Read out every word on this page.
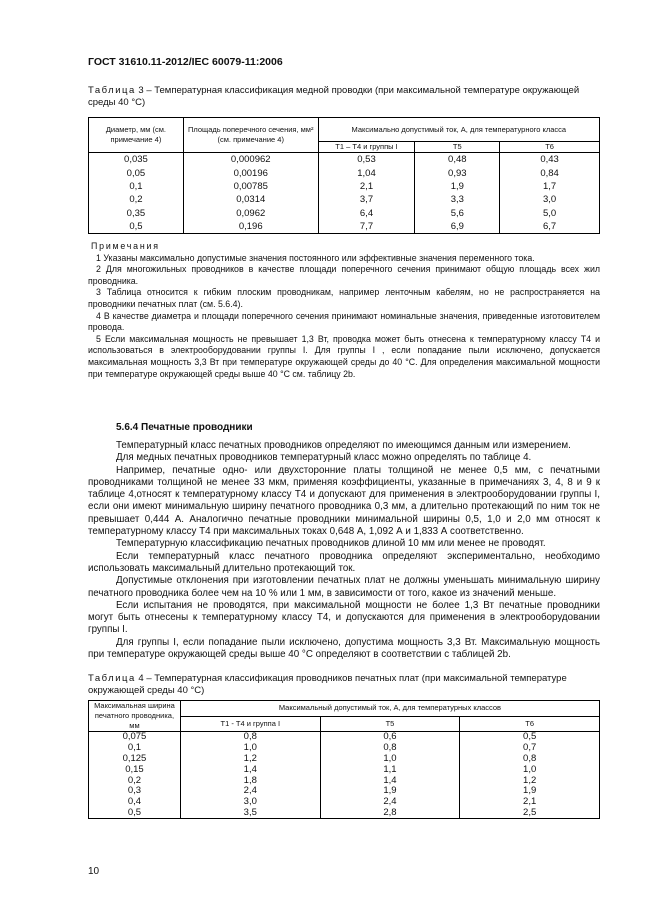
ГОСТ 31610.11-2012/IEC 60079-11:2006
Таблица 3 – Температурная классификация медной проводки (при максимальной температуре окружающей среды 40 °С)
Диаметр, мм (см. примечание 4)	Площадь поперечного сечения, мм² (см. примечание 4)	Максимально допустимый ток, А, для температурного класса		
		Т1 – Т4 и группы I	Т5	Т6
0,035	0,000962	0,53	0,48	0,43
0,05	0,00196	1,04	0,93	0,84
0,1	0,00785	2,1	1,9	1,7
0,2	0,0314	3,7	3,3	3,0
0,35	0,0962	6,4	5,6	5,0
0,5	0,196	7,7	6,9	6,7

Примечания

1 Указаны максимально допустимые значения постоянного или эффективные значения переменного тока.

2 Для многожильных проводников в качестве площади поперечного сечения принимают общую площадь всех жил проводника.

3 Таблица относится к гибким плоским проводникам, например ленточным кабелям, но не распространяется на проводники печатных плат (см. 5.6.4).

4 В качестве диаметра и площади поперечного сечения принимают номинальные значения, приведенные изготовителем провода.

5 Если максимальная мощность не превышает 1,3 Вт, проводка может быть отнесена к температурному классу Т4 и использоваться в электрооборудовании группы I. Для группы I , если попадание пыли исключено, допускается максимальная мощность 3,3 Вт при температуре окружающей среды до 40 °С. Для определения максимальной мощности при температуре окружающей среды выше 40 °С см. таблицу 2b.

5.6.4 Печатные проводники

Температурный класс печатных проводников определяют по имеющимся данным или измерением.

Для медных печатных проводников температурный класс можно определять по таблице 4.

Например, печатные одно- или двухсторонние платы толщиной не менее 0,5 мм, с печатными проводниками толщиной не менее 33 мкм, применяя коэффициенты, указанные в примечаниях 3, 4, 8 и 9 к таблице 4,относят к температурному классу Т4 и допускают для применения в электрооборудовании группы I, если они имеют минимальную ширину печатного проводника 0,3 мм, а длительно протекающий по ним ток не превышает 0,444 А. Аналогично печатные проводники минимальной ширины 0,5, 1,0 и 2,0 мм относят к температурному классу Т4 при максимальных токах 0,648 А, 1,092 А и 1,833 А соответственно.

Температурную классификацию печатных проводников длиной 10 мм или менее не проводят.

Если температурный класс печатного проводника определяют экспериментально, необходимо использовать максимальный длительно протекающий ток.

Допустимые отклонения при изготовлении печатных плат не должны уменьшать минимальную ширину печатного проводника более чем на 10 % или 1 мм, в зависимости от того, какое из значений меньше.

Если испытания не проводятся, при максимальной мощности не более 1,3 Вт печатные проводники могут быть отнесены к температурному классу Т4, и допускаются для применения в электрооборудовании группы I.

Для группы I, если попадание пыли исключено, допустима мощность 3,3 Вт. Максимальную мощность при температуре окружающей среды выше 40 °С определяют в соответствии с таблицей 2b.

Таблица 4 – Температурная классификация проводников печатных плат (при максимальной температуре окружающей среды 40 °С)
Максимальная ширина печатного проводника, мм	Максимальный допустимый ток, А, для температурных классов		
	Т1 - Т4 и группа I	Т5	Т6
0,075	0,8	0,6	0,5
0,1	1,0	0,8	0,7
0,125	1,2	1,0	0,8
0,15	1,4	1,1	1,0
0,2	1,8	1,4	1,2
0,3	2,4	1,9	1,9
0,4	3,0	2,4	2,1
0,5	3,5	2,8	2,5
10
